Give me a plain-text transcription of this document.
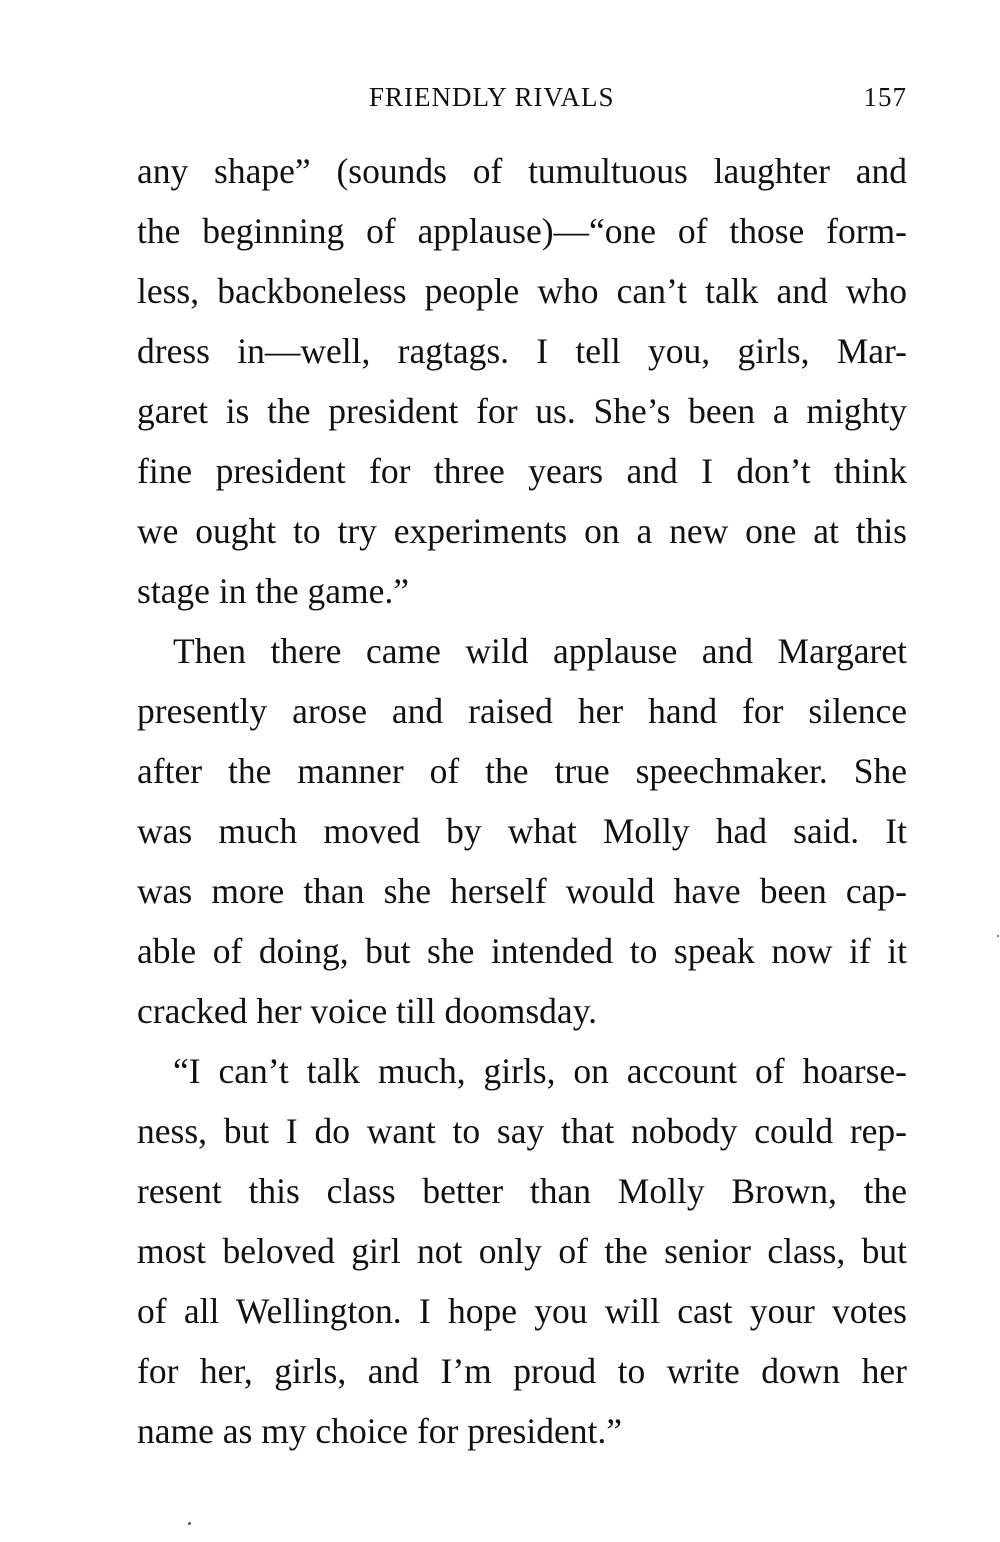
FRIENDLY RIVALS	157
any shape” (sounds of tumultuous laughter and
the beginning of applause)—“one of those form-
less, backboneless people who can’t talk and who
dress in—well, ragtags. I tell you, girls, Mar-
garet is the president for us. She’s been a mighty
fine president for three years and I don’t think
we ought to try experiments on a new one at this
stage in the game.”
Then there came wild applause and Margaret
presently arose and raised her hand for silence
after the manner of the true speechmaker. She
was much moved by what Molly had said. It
was more than she herself would have been cap-
able of doing, but she intended to speak now if it
cracked her voice till doomsday.
“I can’t talk much, girls, on account of hoarse-
ness, but I do want to say that nobody could rep-
resent this class better than Molly Brown, the
most beloved girl not only of the senior class, but
of all Wellington. I hope you will cast your votes
for her, girls, and I’m proud to write down her
name as my choice for president.”
